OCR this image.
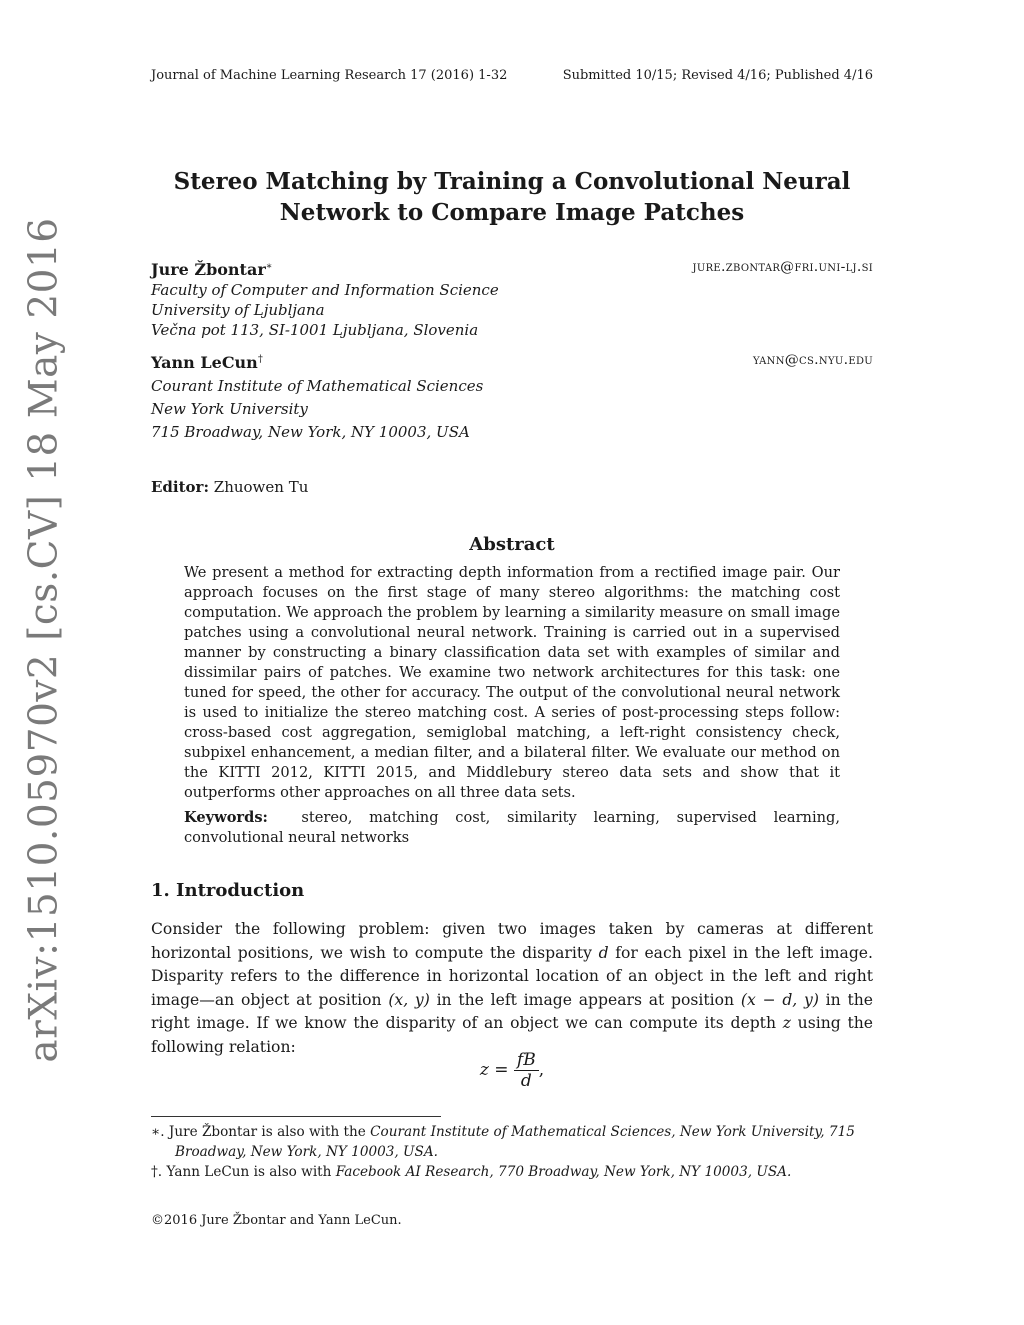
Journal of Machine Learning Research 17 (2016) 1-32	Submitted 10/15; Revised 4/16; Published 4/16
Stereo Matching by Training a Convolutional Neural
Network to Compare Image Patches
Jure Žbontar∗	jure.zbontar@fri.uni-lj.si
Faculty of Computer and Information Science
University of Ljubljana
Večna pot 113, SI-1001 Ljubljana, Slovenia
Yann LeCun†	yann@cs.nyu.edu
Courant Institute of Mathematical Sciences
New York University
715 Broadway, New York, NY 10003, USA
Editor: Zhuowen Tu
Abstract
We present a method for extracting depth information from a rectified image pair. Our approach focuses on the first stage of many stereo algorithms: the matching cost computation. We approach the problem by learning a similarity measure on small image patches using a convolutional neural network. Training is carried out in a supervised manner by constructing a binary classification data set with examples of similar and dissimilar pairs of patches. We examine two network architectures for this task: one tuned for speed, the other for accuracy. The output of the convolutional neural network is used to initialize the stereo matching cost. A series of post-processing steps follow: cross-based cost aggregation, semiglobal matching, a left-right consistency check, subpixel enhancement, a median filter, and a bilateral filter. We evaluate our method on the KITTI 2012, KITTI 2015, and Middlebury stereo data sets and show that it outperforms other approaches on all three data sets.
Keywords: stereo, matching cost, similarity learning, supervised learning, convolutional neural networks
1. Introduction
Consider the following problem: given two images taken by cameras at different horizontal positions, we wish to compute the disparity d for each pixel in the left image. Disparity refers to the difference in horizontal location of an object in the left and right image—an object at position (x, y) in the left image appears at position (x − d, y) in the right image. If we know the disparity of an object we can compute its depth z using the following relation:
$z = \frac{fB}{d}$ ,
∗. Jure Žbontar is also with the Courant Institute of Mathematical Sciences, New York University, 715 Broadway, New York, NY 10003, USA.
†. Yann LeCun is also with Facebook AI Research, 770 Broadway, New York, NY 10003, USA.
©2016 Jure Žbontar and Yann LeCun.
arXiv:1510.05970v2 [cs.CV] 18 May 2016
